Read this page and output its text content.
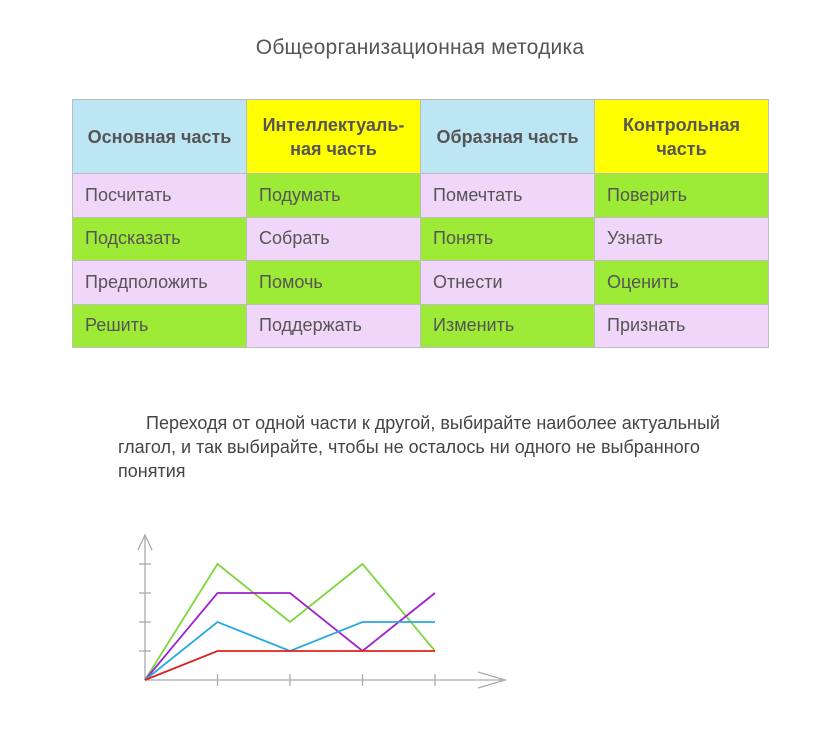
Общеорганизационная методика
Основная часть	Интеллектуаль-ная часть	Образная часть	Контрольная часть
Посчитать	Подумать	Помечтать	Поверить
Подсказать	Собрать	Понять	Узнать
Предположить	Помочь	Отнести	Оценить
Решить	Поддержать	Изменить	Признать
Переходя от одной части к другой, выбирайте наиболее актуальный глагол, и так выбирайте, чтобы не осталось ни одного не выбранного понятия
